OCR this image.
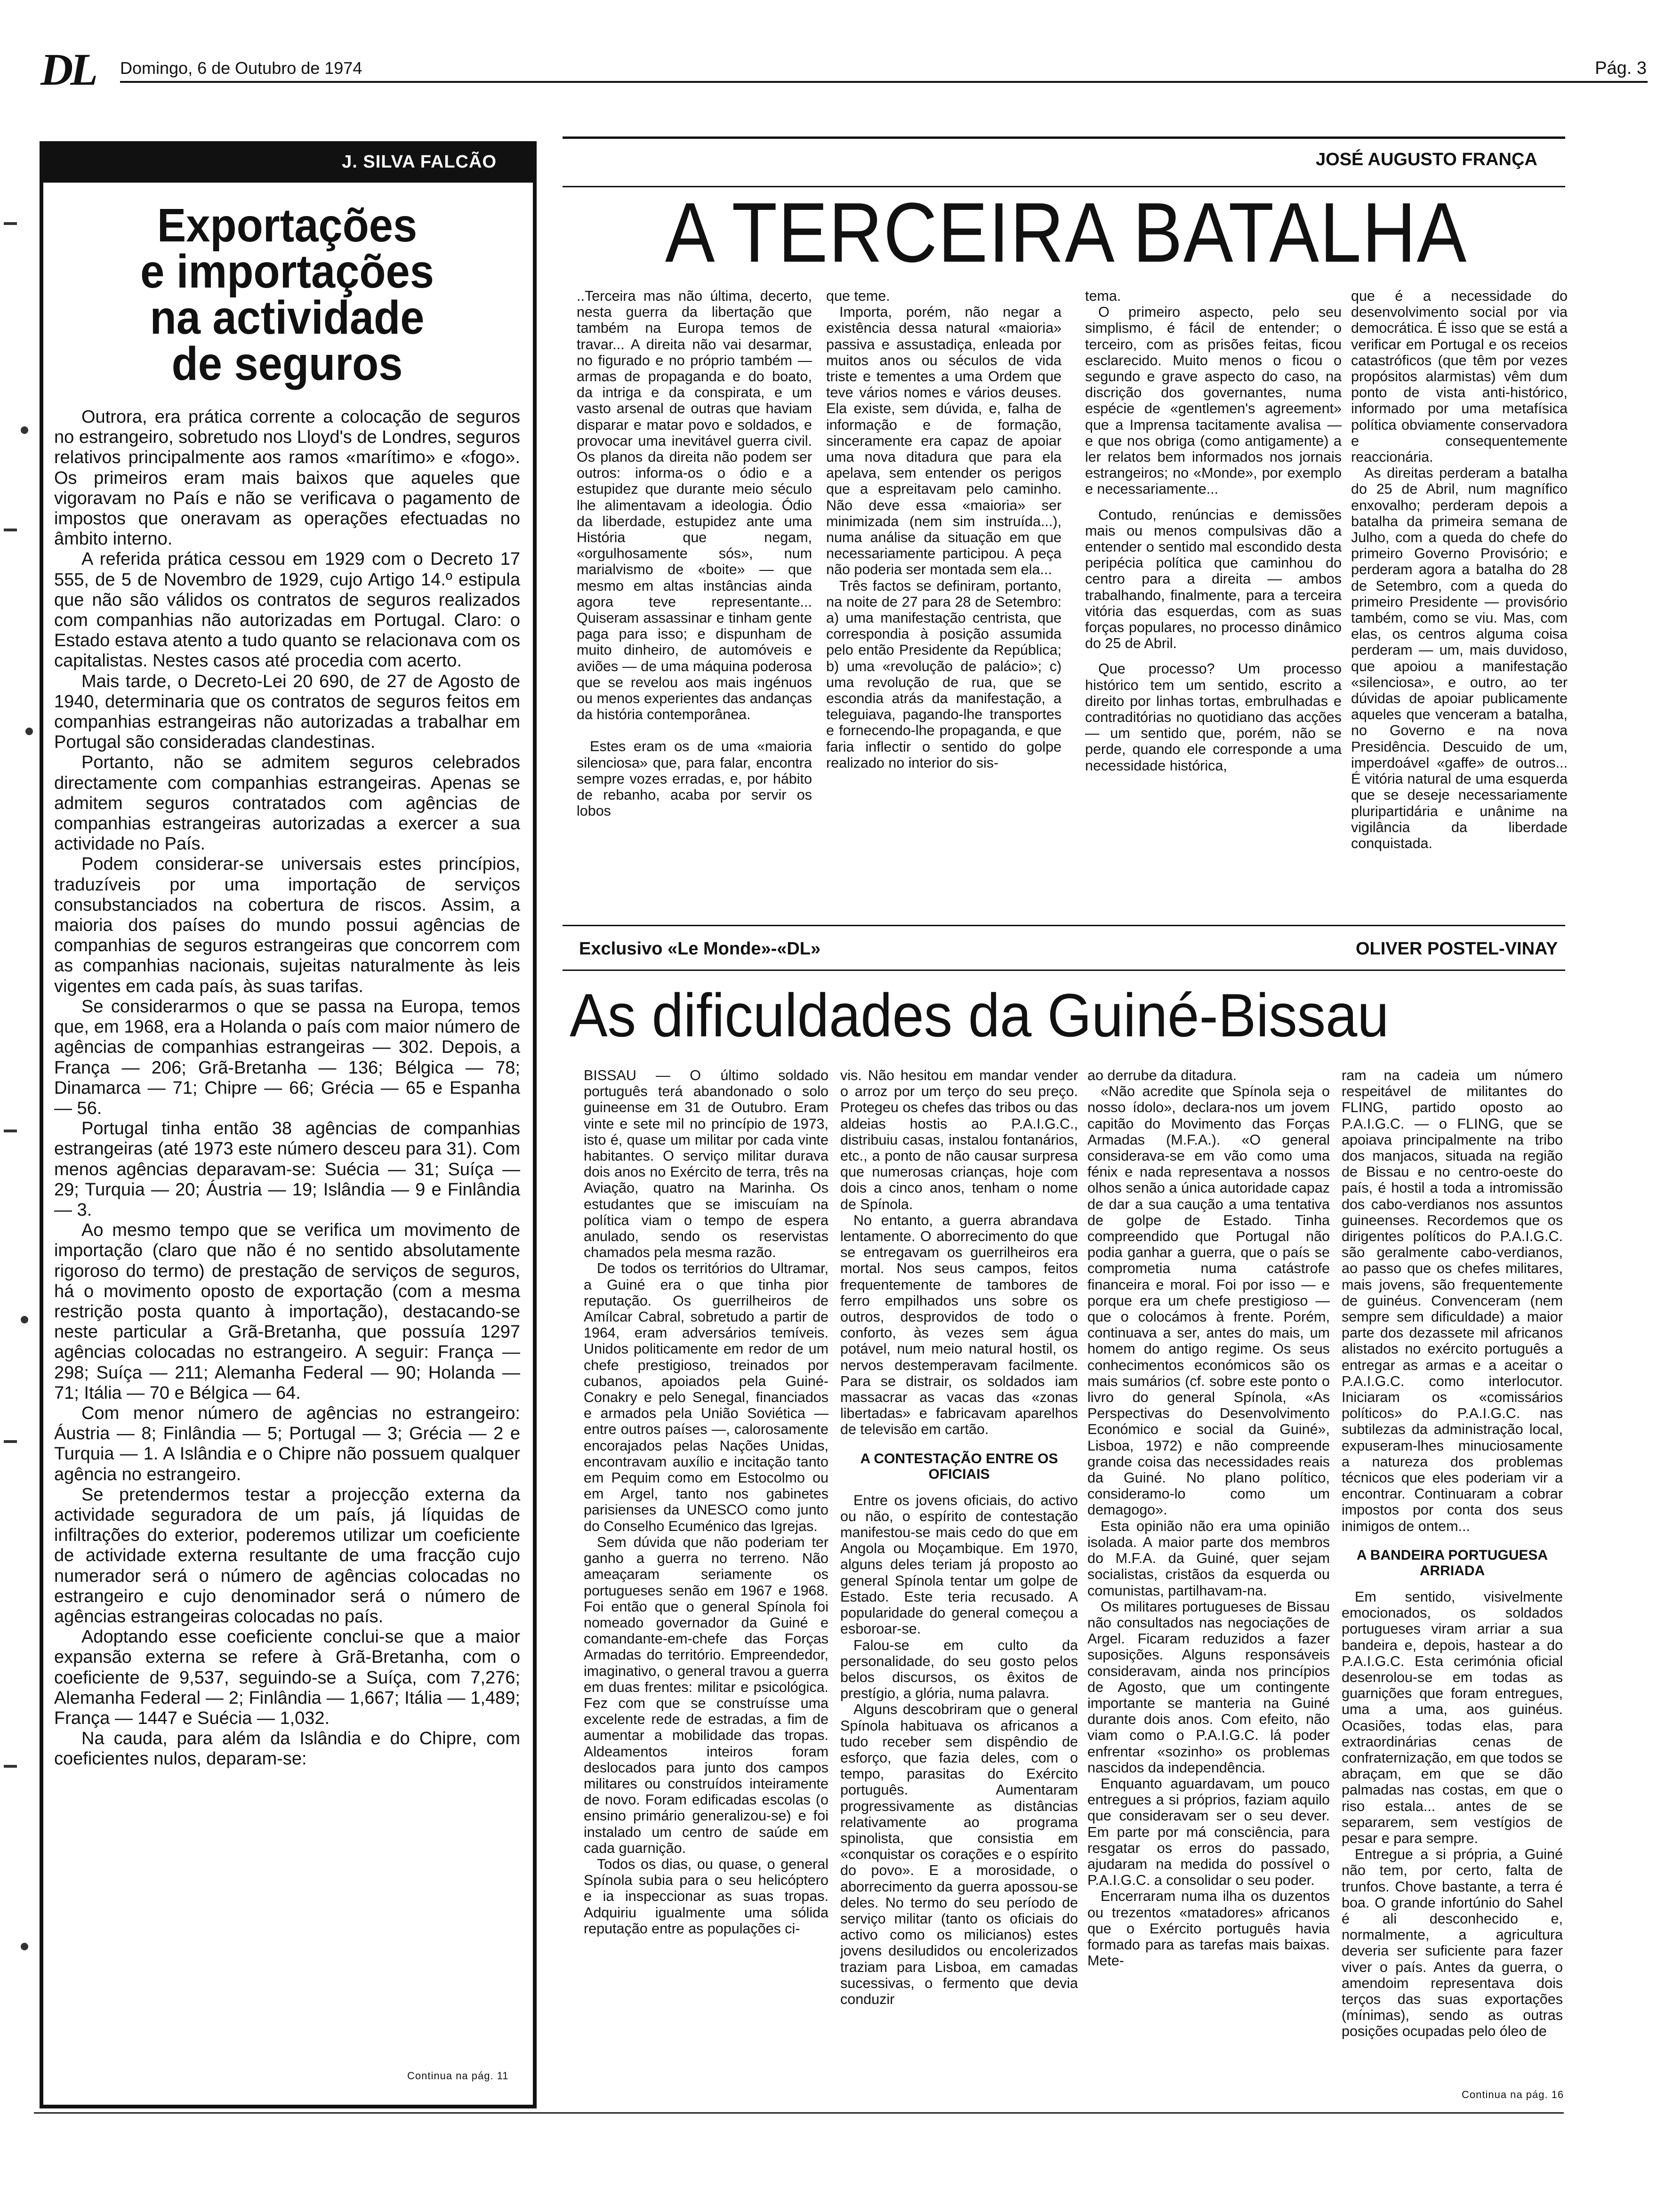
DL Domingo, 6 de Outubro de 1974	Pág. 3
J. SILVA FALCÃO
Exportações
e importações
na actividade
de seguros

Outrora, era prática corrente a colocação de seguros no estrangeiro, sobretudo nos Lloyd's de Londres, seguros relativos principalmente aos ramos «marítimo» e «fogo». Os primeiros eram mais baixos que aqueles que vigoravam no País e não se verificava o pagamento de impostos que oneravam as operações efectuadas no âmbito interno.

A referida prática cessou em 1929 com o Decreto 17 555, de 5 de Novembro de 1929, cujo Artigo 14.º estipula que não são válidos os contratos de seguros realizados com companhias não autorizadas em Portugal. Claro: o Estado estava atento a tudo quanto se relacionava com os capitalistas. Nestes casos até procedia com acerto.

Mais tarde, o Decreto-Lei 20 690, de 27 de Agosto de 1940, determinaria que os contratos de seguros feitos em companhias estrangeiras não autorizadas a trabalhar em Portugal são consideradas clandestinas.

Portanto, não se admitem seguros celebrados directamente com companhias estrangeiras. Apenas se admitem seguros contratados com agências de companhias estrangeiras autorizadas a exercer a sua actividade no País.

Podem considerar-se universais estes princípios, traduzíveis por uma importação de serviços consubstanciados na cobertura de riscos. Assim, a maioria dos países do mundo possui agências de companhias de seguros estrangeiras que concorrem com as companhias nacionais, sujeitas naturalmente às leis vigentes em cada país, às suas tarifas.

Se considerarmos o que se passa na Europa, temos que, em 1968, era a Holanda o país com maior número de agências de companhias estrangeiras — 302. Depois, a França — 206; Grã-Bretanha — 136; Bélgica — 78; Dinamarca — 71; Chipre — 66; Grécia — 65 e Espanha — 56.

Portugal tinha então 38 agências de companhias estrangeiras (até 1973 este número desceu para 31). Com menos agências deparavam-se: Suécia — 31; Suíça — 29; Turquia — 20; Áustria — 19; Islândia — 9 e Finlândia — 3.

Ao mesmo tempo que se verifica um movimento de importação (claro que não é no sentido absolutamente rigoroso do termo) de prestação de serviços de seguros, há o movimento oposto de exportação (com a mesma restrição posta quanto à importação), destacando-se neste particular a Grã-Bretanha, que possuía 1297 agências colocadas no estrangeiro. A seguir: França — 298; Suíça — 211; Alemanha Federal — 90; Holanda — 71; Itália — 70 e Bélgica — 64.

Com menor número de agências no estrangeiro: Áustria — 8; Finlândia — 5; Portugal — 3; Grécia — 2 e Turquia — 1. A Islândia e o Chipre não possuem qualquer agência no estrangeiro.

Se pretendermos testar a projecção externa da actividade seguradora de um país, já líquidas de infiltrações do exterior, poderemos utilizar um coeficiente de actividade externa resultante de uma fracção cujo numerador será o número de agências colocadas no estrangeiro e cujo denominador será o número de agências estrangeiras colocadas no país.

Adoptando esse coeficiente conclui-se que a maior expansão externa se refere à Grã-Bretanha, com o coeficiente de 9,537, seguindo-se a Suíça, com 7,276; Alemanha Federal — 2; Finlândia — 1,667; Itália — 1,489; França — 1447 e Suécia — 1,032.

Na cauda, para além da Islândia e do Chipre, com coeficientes nulos, deparam-se:

Continua na pág. 11
JOSÉ AUGUSTO FRANÇA
A TERCEIRA BATALHA

..Terceira mas não última, decerto, nesta guerra da libertação que também na Europa temos de travar... A direita não vai desarmar, no figurado e no próprio também — armas de propaganda e do boato, da intriga e da conspirata, e um vasto arsenal de outras que haviam disparar e matar povo e soldados, e provocar uma inevitável guerra civil. Os planos da direita não podem ser outros: informa-os o ódio e a estupidez que durante meio século lhe alimentavam a ideologia. Ódio da liberdade, estupidez ante uma História que negam, «orgulhosamente sós», num marialvismo de «boite» — que mesmo em altas instâncias ainda agora teve representante... Quiseram assassinar e tinham gente paga para isso; e dispunham de muito dinheiro, de automóveis e aviões — de uma máquina poderosa que se revelou aos mais ingénuos ou menos experientes das andanças da história contemporânea.

Estes eram os de uma «maioria silenciosa» que, para falar, encontra sempre vozes erradas, e, por hábito de rebanho, acaba por servir os lobos

que teme.

Importa, porém, não negar a existência dessa natural «maioria» passiva e assustadiça, enleada por muitos anos ou séculos de vida triste e tementes a uma Ordem que teve vários nomes e vários deuses. Ela existe, sem dúvida, e, falha de informação e de formação, sinceramente era capaz de apoiar uma nova ditadura que para ela apelava, sem entender os perigos que a espreitavam pelo caminho. Não deve essa «maioria» ser minimizada (nem sim instruída...), numa análise da situação em que necessariamente participou. A peça não poderia ser montada sem ela...

Três factos se definiram, portanto, na noite de 27 para 28 de Setembro: a) uma manifestação centrista, que correspondia à posição assumida pelo então Presidente da República; b) uma «revolução de palácio»; c) uma revolução de rua, que se escondia atrás da manifestação, a teleguiava, pagando-lhe transportes e fornecendo-lhe propaganda, e que faria inflectir o sentido do golpe realizado no interior do sis-

tema.

O primeiro aspecto, pelo seu simplismo, é fácil de entender; o terceiro, com as prisões feitas, ficou esclarecido. Muito menos o ficou o segundo e grave aspecto do caso, na discrição dos governantes, numa espécie de «gentlemen's agreement» que a Imprensa tacitamente avalisa — e que nos obriga (como antigamente) a ler relatos bem informados nos jornais estrangeiros; no «Monde», por exemplo e necessariamente...

Contudo, renúncias e demissões mais ou menos compulsivas dão a entender o sentido mal escondido desta peripécia política que caminhou do centro para a direita — ambos trabalhando, finalmente, para a terceira vitória das esquerdas, com as suas forças populares, no processo dinâmico do 25 de Abril.

Que processo? Um processo histórico tem um sentido, escrito a direito por linhas tortas, embrulhadas e contraditórias no quotidiano das acções — um sentido que, porém, não se perde, quando ele corresponde a uma necessidade histórica,

que é a necessidade do desenvolvimento social por via democrática. É isso que se está a verificar em Portugal e os receios catastróficos (que têm por vezes propósitos alarmistas) vêm dum ponto de vista anti-histórico, informado por uma metafísica política obviamente conservadora e consequentemente reaccionária.

As direitas perderam a batalha do 25 de Abril, num magnífico enxovalho; perderam depois a batalha da primeira semana de Julho, com a queda do chefe do primeiro Governo Provisório; e perderam agora a batalha do 28 de Setembro, com a queda do primeiro Presidente — provisório também, como se viu. Mas, com elas, os centros alguma coisa perderam — um, mais duvidoso, que apoiou a manifestação «silenciosa», e outro, ao ter dúvidas de apoiar publicamente aqueles que venceram a batalha, no Governo e na nova Presidência. Descuido de um, imperdoável «gaffe» de outros... É vitória natural de uma esquerda que se deseje necessariamente pluripartidária e unânime na vigilância da liberdade conquistada.

Exclusivo «Le Monde»-«DL»	OLIVER POSTEL-VINAY
As dificuldades da Guiné-Bissau

BISSAU — O último soldado português terá abandonado o solo guineense em 31 de Outubro. Eram vinte e sete mil no princípio de 1973, isto é, quase um militar por cada vinte habitantes. O serviço militar durava dois anos no Exército de terra, três na Aviação, quatro na Marinha. Os estudantes que se imiscuíam na política viam o tempo de espera anulado, sendo os reservistas chamados pela mesma razão.

De todos os territórios do Ultramar, a Guiné era o que tinha pior reputação. Os guerrilheiros de Amílcar Cabral, sobretudo a partir de 1964, eram adversários temíveis. Unidos politicamente em redor de um chefe prestigioso, treinados por cubanos, apoiados pela Guiné-Conakry e pelo Senegal, financiados e armados pela União Soviética — entre outros países —, calorosamente encorajados pelas Nações Unidas, encontravam auxílio e incitação tanto em Pequim como em Estocolmo ou em Argel, tanto nos gabinetes parisienses da UNESCO como junto do Conselho Ecuménico das Igrejas.

Sem dúvida que não poderiam ter ganho a guerra no terreno. Não ameaçaram seriamente os portugueses senão em 1967 e 1968. Foi então que o general Spínola foi nomeado governador da Guiné e comandante-em-chefe das Forças Armadas do território. Empreendedor, imaginativo, o general travou a guerra em duas frentes: militar e psicológica. Fez com que se construísse uma excelente rede de estradas, a fim de aumentar a mobilidade das tropas. Aldeamentos inteiros foram deslocados para junto dos campos militares ou construídos inteiramente de novo. Foram edificadas escolas (o ensino primário generalizou-se) e foi instalado um centro de saúde em cada guarnição.

Todos os dias, ou quase, o general Spínola subia para o seu helicóptero e ia inspeccionar as suas tropas. Adquiriu igualmente uma sólida reputação entre as populações ci-

vis. Não hesitou em mandar vender o arroz por um terço do seu preço. Protegeu os chefes das tribos ou das aldeias hostis ao P.A.I.G.C., distribuiu casas, instalou fontanários, etc., a ponto de não causar surpresa que numerosas crianças, hoje com dois a cinco anos, tenham o nome de Spínola.

No entanto, a guerra abrandava lentamente. O aborrecimento do que se entregavam os guerrilheiros era mortal. Nos seus campos, feitos frequentemente de tambores de ferro empilhados uns sobre os outros, desprovidos de todo o conforto, às vezes sem água potável, num meio natural hostil, os nervos destemperavam facilmente. Para se distrair, os soldados iam massacrar as vacas das «zonas libertadas» e fabricavam aparelhos de televisão em cartão.

A CONTESTAÇÃO ENTRE OS OFICIAIS

Entre os jovens oficiais, do activo ou não, o espírito de contestação manifestou-se mais cedo do que em Angola ou Moçambique. Em 1970, alguns deles teriam já proposto ao general Spínola tentar um golpe de Estado. Este teria recusado. A popularidade do general começou a esboroar-se.

Falou-se em culto da personalidade, do seu gosto pelos belos discursos, os êxitos de prestígio, a glória, numa palavra.

Alguns descobriram que o general Spínola habituava os africanos a tudo receber sem dispêndio de esforço, que fazia deles, com o tempo, parasitas do Exército português. Aumentaram progressivamente as distâncias relativamente ao programa spinolista, que consistia em «conquistar os corações e o espírito do povo». E a morosidade, o aborrecimento da guerra apossou-se deles. No termo do seu período de serviço militar (tanto os oficiais do activo como os milicianos) estes jovens desiludidos ou encolerizados traziam para Lisboa, em camadas sucessivas, o fermento que devia conduzir

ao derrube da ditadura.

«Não acredite que Spínola seja o nosso ídolo», declara-nos um jovem capitão do Movimento das Forças Armadas (M.F.A.). «O general considerava-se em vão como uma fénix e nada representava a nossos olhos senão a única autoridade capaz de dar a sua caução a uma tentativa de golpe de Estado. Tinha compreendido que Portugal não podia ganhar a guerra, que o país se comprometia numa catástrofe financeira e moral. Foi por isso — e porque era um chefe prestigioso — que o colocámos à frente. Porém, continuava a ser, antes do mais, um homem do antigo regime. Os seus conhecimentos económicos são os mais sumários (cf. sobre este ponto o livro do general Spínola, «As Perspectivas do Desenvolvimento Económico e social da Guiné», Lisboa, 1972) e não compreende grande coisa das necessidades reais da Guiné. No plano político, consideramo-lo como um demagogo».

Esta opinião não era uma opinião isolada. A maior parte dos membros do M.F.A. da Guiné, quer sejam socialistas, cristãos da esquerda ou comunistas, partilhavam-na.

Os militares portugueses de Bissau não consultados nas negociações de Argel. Ficaram reduzidos a fazer suposições. Alguns responsáveis consideravam, ainda nos princípios de Agosto, que um contingente importante se manteria na Guiné durante dois anos. Com efeito, não viam como o P.A.I.G.C. lá poder enfrentar «sozinho» os problemas nascidos da independência.

Enquanto aguardavam, um pouco entregues a si próprios, faziam aquilo que consideravam ser o seu dever. Em parte por má consciência, para resgatar os erros do passado, ajudaram na medida do possível o P.A.I.G.C. a consolidar o seu poder.

Encerraram numa ilha os duzentos ou trezentos «matadores» africanos que o Exército português havia formado para as tarefas mais baixas. Mete-

ram na cadeia um número respeitável de militantes do FLING, partido oposto ao P.A.I.G.C. — o FLING, que se apoiava principalmente na tribo dos manjacos, situada na região de Bissau e no centro-oeste do país, é hostil a toda a intromissão dos cabo-verdianos nos assuntos guineenses. Recordemos que os dirigentes políticos do P.A.I.G.C. são geralmente cabo-verdianos, ao passo que os chefes militares, mais jovens, são frequentemente de guinéus. Convenceram (nem sempre sem dificuldade) a maior parte dos dezassete mil africanos alistados no exército português a entregar as armas e a aceitar o P.A.I.G.C. como interlocutor. Iniciaram os «comissários políticos» do P.A.I.G.C. nas subtilezas da administração local, expuseram-lhes minuciosamente a natureza dos problemas técnicos que eles poderiam vir a encontrar. Continuaram a cobrar impostos por conta dos seus inimigos de ontem...

A BANDEIRA PORTUGUESA ARRIADA

Em sentido, visivelmente emocionados, os soldados portugueses viram arriar a sua bandeira e, depois, hastear a do P.A.I.G.C. Esta cerimónia oficial desenrolou-se em todas as guarnições que foram entregues, uma a uma, aos guinéus. Ocasiões, todas elas, para extraordinárias cenas de confraternização, em que todos se abraçam, em que se dão palmadas nas costas, em que o riso estala... antes de se separarem, sem vestígios de pesar e para sempre.

Entregue a si própria, a Guiné não tem, por certo, falta de trunfos. Chove bastante, a terra é boa. O grande infortúnio do Sahel é ali desconhecido e, normalmente, a agricultura deveria ser suficiente para fazer viver o país. Antes da guerra, o amendoim representava dois terços das suas exportações (mínimas), sendo as outras posições ocupadas pelo óleo de

Continua na pág. 16
